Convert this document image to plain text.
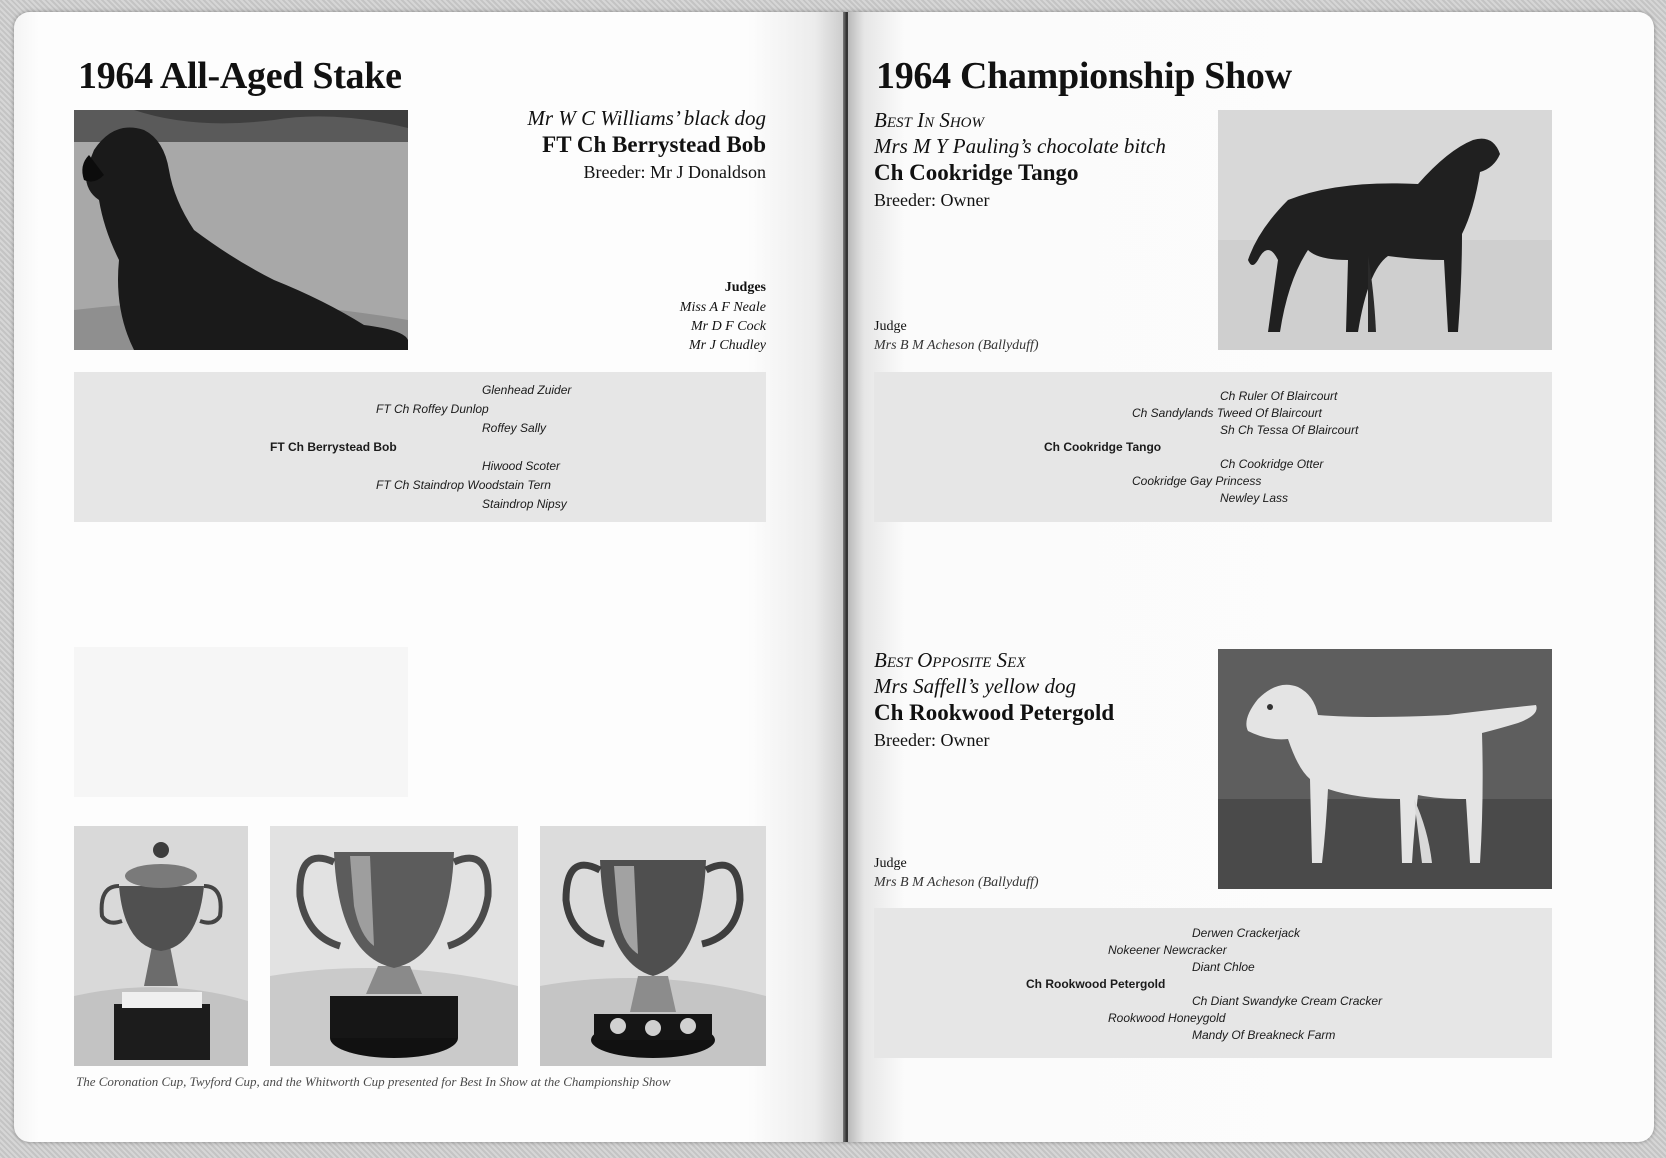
1964 All-Aged Stake
Mr W C Williams’ black dog
FT Ch Berrystead Bob
Breeder: Mr J Donaldson
Judges
Miss A F Neale
Mr D F Cock
Mr J Chudley
Glenhead Zuider
FT Ch Roffey Dunlop
Roffey Sally
FT Ch Berrystead Bob
Hiwood Scoter
FT Ch Staindrop Woodstain Tern
Staindrop Nipsy
The Coronation Cup, Twyford Cup, and the Whitworth Cup presented for Best In Show at the Championship Show
1964 Championship Show
Best In Show
Mrs M Y Pauling’s chocolate bitch
Ch Cookridge Tango
Breeder: Owner
Judge
Mrs B M Acheson (Ballyduff)
Ch Ruler Of Blaircourt
Ch Sandylands Tweed Of Blaircourt
Sh Ch Tessa Of Blaircourt
Ch Cookridge Tango
Ch Cookridge Otter
Cookridge Gay Princess
Newley Lass
Best Opposite Sex
Mrs Saffell’s yellow dog
Ch Rookwood Petergold
Breeder: Owner
Judge
Mrs B M Acheson (Ballyduff)
Derwen Crackerjack
Nokeener Newcracker
Diant Chloe
Ch Rookwood Petergold
Ch Diant Swandyke Cream Cracker
Rookwood Honeygold
Mandy Of Breakneck Farm
